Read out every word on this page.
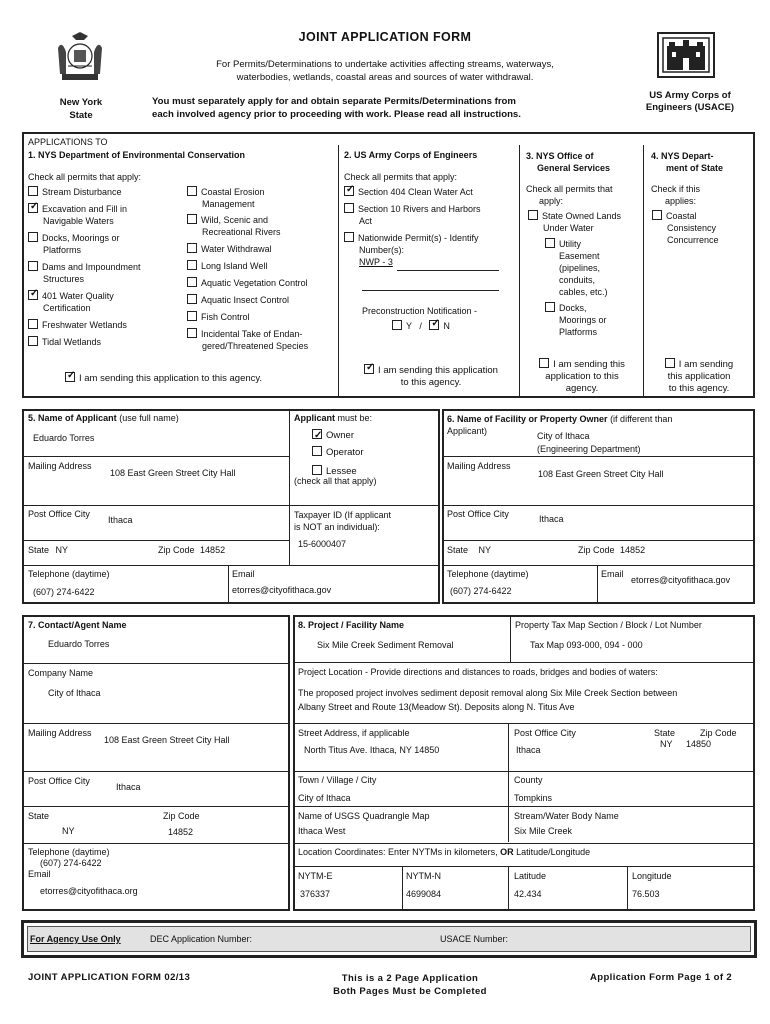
New York
State
JOINT APPLICATION FORM
For Permits/Determinations to undertake activities affecting streams, waterways,
waterbodies, wetlands, coastal areas and sources of water withdrawal.
You must separately apply for and obtain separate Permits/Determinations from
each involved agency prior to proceeding with work. Please read all instructions.
US Army Corps of
Engineers (USACE)
APPLICATIONS TO
1. NYS Department of Environmental Conservation
Check all permits that apply:
Stream Disturbance
✓Excavation and Fill in
Navigable Waters
Docks, Moorings or
Platforms
Dams and Impoundment
Structures
✓401 Water Quality
Certification
Freshwater Wetlands
Tidal Wetlands
Coastal Erosion
Management
Wild, Scenic and
Recreational Rivers
Water Withdrawal
Long Island Well
Aquatic Vegetation Control
Aquatic Insect Control
Fish Control
Incidental Take of Endan-
gered/Threatened Species
✓I am sending this application to this agency.
2. US Army Corps of Engineers
Check all permits that apply:
✓Section 404 Clean Water Act
Section 10 Rivers and Harbors
Act
Nationwide Permit(s) - Identify
Number(s):
NWP - 3
Preconstruction Notification -
Y / ✓ N
✓I am sending this application
to this agency.
3. NYS Office of
General Services
Check all permits that
apply:
State Owned Lands
Under Water
Utility
Easement
(pipelines,
conduits,
cables, etc.)
Docks,
Moorings or
Platforms
I am sending this
application to this
agency.
4. NYS Depart-
ment of State
Check if this
applies:
Coastal
Consistency
Concurrence
I am sending
this application
to this agency.
5. Name of Applicant (use full name)
Eduardo Torres
Applicant must be:
✓Owner
Operator
Lessee
(check all that apply)
Mailing Address
108 East Green Street City Hall
Post Office City
Ithaca	Taxpayer ID (If applicant
is NOT an individual):
15-6000407
State NY	Zip Code 14852
Telephone (daytime)
(607) 274-6422
Email
etorres@cityofithaca.gov
6. Name of Facility or Property Owner (if different than
Applicant)	City of Ithaca
(Engineering Department)
Mailing Address
108 East Green Street City Hall
Post Office City	Ithaca
State NY	Zip Code 14852
Telephone (daytime)
(607) 274-6422
Email
etorres@cityofithaca.gov
7. Contact/Agent Name
Eduardo Torres
Company Name
City of Ithaca
Mailing Address
108 East Green Street City Hall
Post Office City
Ithaca
State
NY
Zip Code
14852
Telephone (daytime)
(607) 274-6422
Email
etorres@cityofithaca.org
8. Project / Facility Name
Six Mile Creek Sediment Removal
Property Tax Map Section / Block / Lot Number
Tax Map 093-000, 094 - 000
Project Location - Provide directions and distances to roads, bridges and bodies of waters:
The proposed project involves sediment deposit removal along Six Mile Creek Section between
Albany Street and Route 13(Meadow St). Deposits along N. Titus Ave
Street Address, if applicable
North Titus Ave. Ithaca, NY 14850
Post Office City
Ithaca
State
NY
Zip Code
14850
Town / Village / City
City of Ithaca
County
Tompkins
Name of USGS Quadrangle Map
Ithaca West
Stream/Water Body Name
Six Mile Creek
Location Coordinates: Enter NYTMs in kilometers, OR Latitude/Longitude
NYTM-E
376337
NYTM-N
4699084
Latitude
42.434
Longitude
76.503
For Agency Use Only	DEC Application Number:	USACE Number:
JOINT APPLICATION FORM 02/13	This is a 2 Page Application
Both Pages Must be Completed
Application Form Page 1 of 2
